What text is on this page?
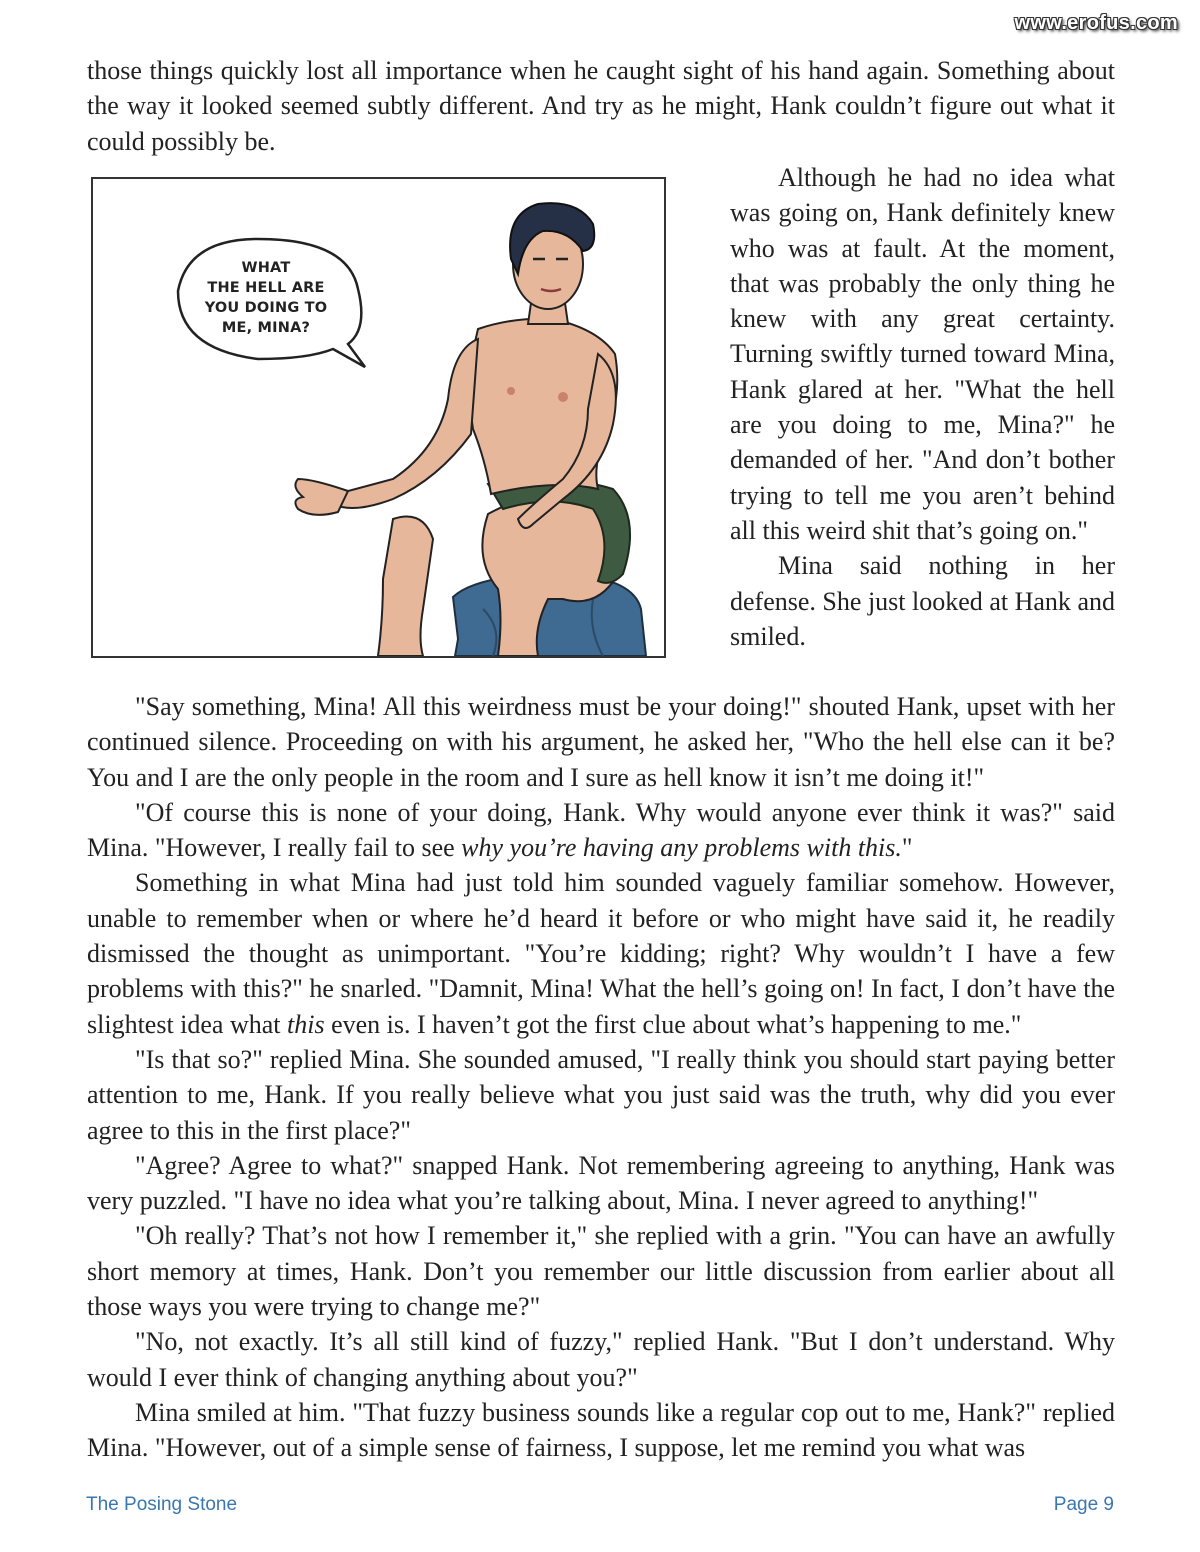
www.erofus.com

those things quickly lost all importance when he caught sight of his hand again. Something about the way it looked seemed subtly different. And try as he might, Hank couldn’t figure out what it could possibly be.

WHAT
THE HELL ARE
YOU DOING TO
ME, MINA?

Although he had no idea what was going on, Hank definitely knew who was at fault. At the moment, that was probably the only thing he knew with any great certainty. Turning swiftly turned toward Mina, Hank glared at her. "What the hell are you doing to me, Mina?" he demanded of her. "And don’t bother trying to tell me you aren’t behind all this weird shit that’s going on."

Mina said nothing in her defense. She just looked at Hank and smiled.

"Say something, Mina! All this weirdness must be your doing!" shouted Hank, upset with her continued silence. Proceeding on with his argument, he asked her, "Who the hell else can it be? You and I are the only people in the room and I sure as hell know it isn’t me doing it!"

"Of course this is none of your doing, Hank. Why would anyone ever think it was?" said Mina. "However, I really fail to see why you’re having any problems with this."

Something in what Mina had just told him sounded vaguely familiar somehow. However, unable to remember when or where he’d heard it before or who might have said it, he readily dismissed the thought as unimportant. "You’re kidding; right? Why wouldn’t I have a few problems with this?" he snarled. "Damnit, Mina! What the hell’s going on! In fact, I don’t have the slightest idea what this even is. I haven’t got the first clue about what’s happening to me."

"Is that so?" replied Mina. She sounded amused, "I really think you should start paying better attention to me, Hank. If you really believe what you just said was the truth, why did you ever agree to this in the first place?"

"Agree? Agree to what?" snapped Hank. Not remembering agreeing to anything, Hank was very puzzled. "I have no idea what you’re talking about, Mina. I never agreed to anything!"

"Oh really? That’s not how I remember it," she replied with a grin. "You can have an awfully short memory at times, Hank. Don’t you remember our little discussion from earlier about all those ways you were trying to change me?"

"No, not exactly. It’s all still kind of fuzzy," replied Hank. "But I don’t understand. Why would I ever think of changing anything about you?"

Mina smiled at him. "That fuzzy business sounds like a regular cop out to me, Hank?" replied Mina. "However, out of a simple sense of fairness, I suppose, let me remind you what was

The Posing Stone	Page 9
